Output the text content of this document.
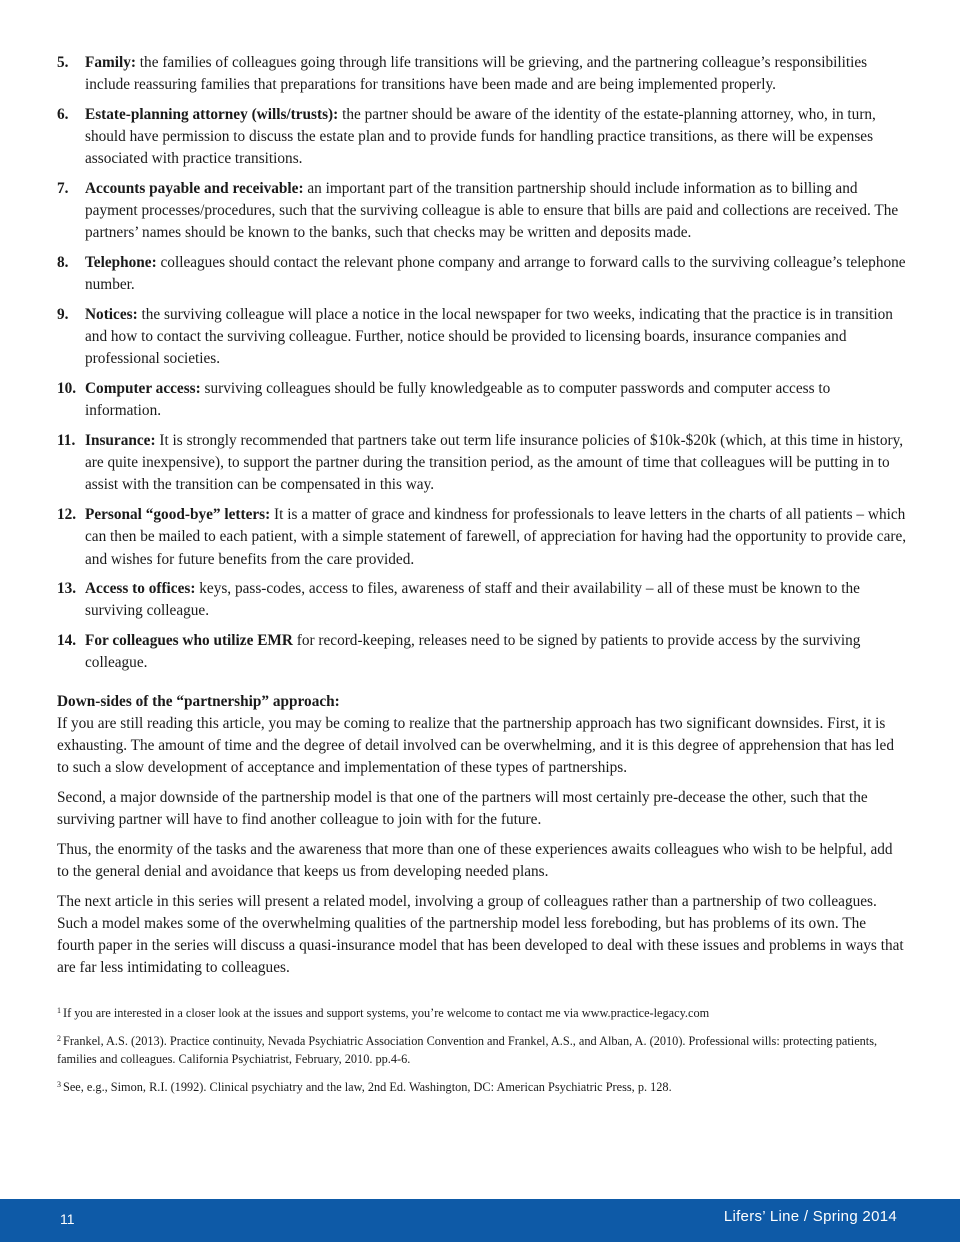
5. Family: the families of colleagues going through life transitions will be grieving, and the partnering colleague’s responsibilities include reassuring families that preparations for transitions have been made and are being implemented properly.
6. Estate-planning attorney (wills/trusts): the partner should be aware of the identity of the estate-planning attorney, who, in turn, should have permission to discuss the estate plan and to provide funds for handling practice transitions, as there will be expenses associated with practice transitions.
7. Accounts payable and receivable: an important part of the transition partnership should include information as to billing and payment processes/procedures, such that the surviving colleague is able to ensure that bills are paid and collections are received. The partners’ names should be known to the banks, such that checks may be written and deposits made.
8. Telephone: colleagues should contact the relevant phone company and arrange to forward calls to the surviving colleague’s telephone number.
9. Notices: the surviving colleague will place a notice in the local newspaper for two weeks, indicating that the practice is in transition and how to contact the surviving colleague. Further, notice should be provided to licensing boards, insurance companies and professional societies.
10. Computer access: surviving colleagues should be fully knowledgeable as to computer passwords and computer access to information.
11. Insurance: It is strongly recommended that partners take out term life insurance policies of $10k-$20k (which, at this time in history, are quite inexpensive), to support the partner during the transition period, as the amount of time that colleagues will be putting in to assist with the transition can be compensated in this way.
12. Personal “good-bye” letters: It is a matter of grace and kindness for professionals to leave letters in the charts of all patients – which can then be mailed to each patient, with a simple statement of farewell, of appreciation for having had the opportunity to provide care, and wishes for future benefits from the care provided.
13. Access to offices: keys, pass-codes, access to files, awareness of staff and their availability – all of these must be known to the surviving colleague.
14. For colleagues who utilize EMR for record-keeping, releases need to be signed by patients to provide access by the surviving colleague.
Down-sides of the “partnership” approach:

If you are still reading this article, you may be coming to realize that the partnership approach has two significant downsides. First, it is exhausting. The amount of time and the degree of detail involved can be overwhelming, and it is this degree of apprehension that has led to such a slow development of acceptance and implementation of these types of partnerships.

Second, a major downside of the partnership model is that one of the partners will most certainly pre-decease the other, such that the surviving partner will have to find another colleague to join with for the future.

Thus, the enormity of the tasks and the awareness that more than one of these experiences awaits colleagues who wish to be helpful, add to the general denial and avoidance that keeps us from developing needed plans.

The next article in this series will present a related model, involving a group of colleagues rather than a partnership of two colleagues. Such a model makes some of the overwhelming qualities of the partnership model less foreboding, but has problems of its own. The fourth paper in the series will discuss a quasi-insurance model that has been developed to deal with these issues and problems in ways that are far less intimidating to colleagues.

$^1$ If you are interested in a closer look at the issues and support systems, you’re welcome to contact me via www.practice-legacy.com

$^2$ Frankel, A.S. (2013). Practice continuity, Nevada Psychiatric Association Convention and Frankel, A.S., and Alban, A. (2010). Professional wills: protecting patients, families and colleagues. California Psychiatrist, February, 2010. pp.4-6.

$^3$ See, e.g., Simon, R.I. (1992). Clinical psychiatry and the law, 2nd Ed. Washington, DC: American Psychiatric Press, p. 128.

11	Lifers’ Line / Spring 2014
